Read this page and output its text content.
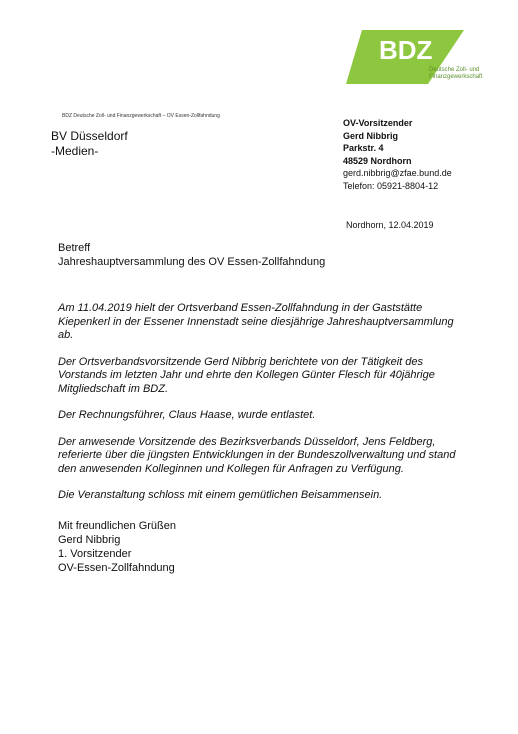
BDZ
Deutsche Zoll- und
Finanzgewerkschaft
BDZ Deutsche Zoll- und Finanzgewerkschaft – OV Essen-Zollfahndung
BV Düsseldorf
-Medien-
OV-Vorsitzender
Gerd Nibbrig
Parkstr. 4
48529 Nordhorn
gerd.nibbrig@zfae.bund.de
Telefon: 05921-8804-12
Nordhorn, 12.04.2019
Betreff
Jahreshauptversammlung des OV Essen-Zollfahndung

Am 11.04.2019 hielt der Ortsverband Essen-Zollfahndung in der Gaststätte Kiepenkerl in der Essener Innenstadt seine diesjährige Jahreshauptversammlung ab.

Der Ortsverbandsvorsitzende Gerd Nibbrig berichtete von der Tätigkeit des Vorstands im letzten Jahr und ehrte den Kollegen Günter Flesch für 40jährige Mitgliedschaft im BDZ.

Der Rechnungsführer, Claus Haase, wurde entlastet.

Der anwesende Vorsitzende des Bezirksverbands Düsseldorf, Jens Feldberg, referierte über die jüngsten Entwicklungen in der Bundeszollverwaltung und stand den anwesenden Kolleginnen und Kollegen für Anfragen zu Verfügung.

Die Veranstaltung schloss mit einem gemütlichen Beisammensein.

Mit freundlichen Grüßen
Gerd Nibbrig
1. Vorsitzender
OV-Essen-Zollfahndung
